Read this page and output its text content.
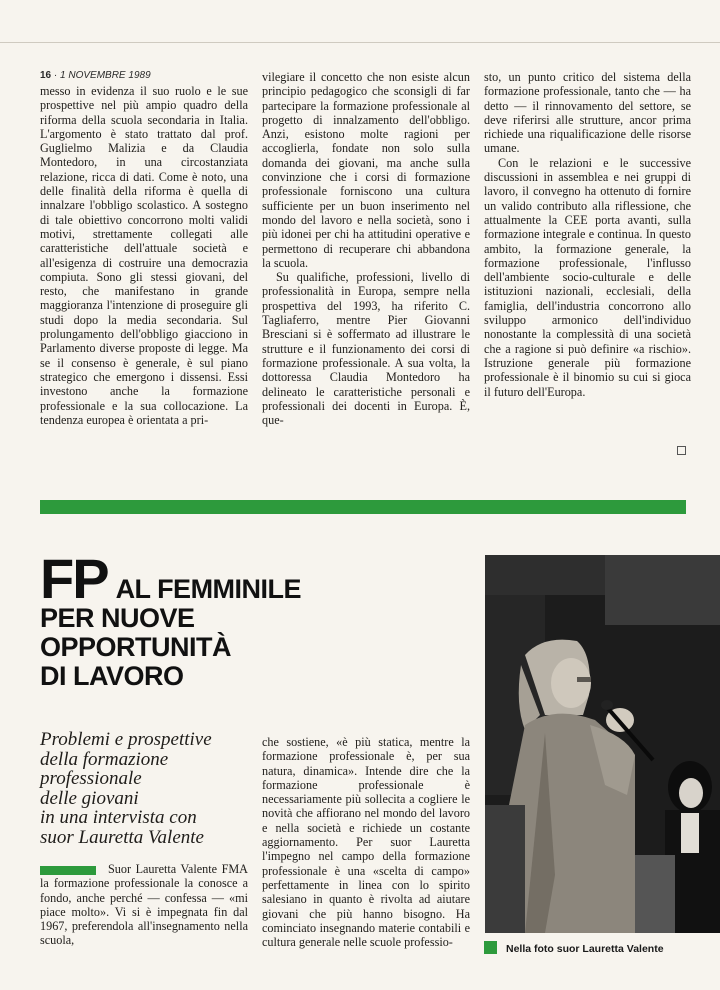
16 · 1 NOVEMBRE 1989

messo in evidenza il suo ruolo e le sue prospettive nel più ampio quadro della riforma della scuola secondaria in Italia. L'argomento è stato trattato dal prof. Guglielmo Malizia e da Claudia Montedoro, in una circostanziata relazione, ricca di dati. Come è noto, una delle finalità della riforma è quella di innalzare l'obbligo scolastico. A sostegno di tale obiettivo concorrono molti validi motivi, strettamente collegati alle caratteristiche dell'attuale società e all'esigenza di costruire una democrazia compiuta. Sono gli stessi giovani, del resto, che manifestano in grande maggioranza l'intenzione di proseguire gli studi dopo la media secondaria. Sul prolungamento dell'obbligo giacciono in Parlamento diverse proposte di legge. Ma se il consenso è generale, è sul piano strategico che emergono i dissensi. Essi investono anche la formazione professionale e la sua collocazione. La tendenza europea è orientata a pri-

vilegiare il concetto che non esiste alcun principio pedagogico che sconsigli di far partecipare la formazione professionale al progetto di innalzamento dell'obbligo. Anzi, esistono molte ragioni per accoglierla, fondate non solo sulla domanda dei giovani, ma anche sulla convinzione che i corsi di formazione professionale forniscono una cultura sufficiente per un buon inserimento nel mondo del lavoro e nella società, sono i più idonei per chi ha attitudini operative e permettono di recuperare chi abbandona la scuola.

Su qualifiche, professioni, livello di professionalità in Europa, sempre nella prospettiva del 1993, ha riferito C. Tagliaferro, mentre Pier Giovanni Bresciani si è soffermato ad illustrare le strutture e il funzionamento dei corsi di formazione professionale. A sua volta, la dottoressa Claudia Montedoro ha delineato le caratteristiche personali e professionali dei docenti in Europa. È, que-

sto, un punto critico del sistema della formazione professionale, tanto che — ha detto — il rinnovamento del settore, se deve riferirsi alle strutture, ancor prima richiede una riqualificazione delle risorse umane.

Con le relazioni e le successive discussioni in assemblea e nei gruppi di lavoro, il convegno ha ottenuto di fornire un valido contributo alla riflessione, che attualmente la CEE porta avanti, sulla formazione integrale e continua. In questo ambito, la formazione generale, la formazione professionale, l'influsso dell'ambiente socio-culturale e delle istituzioni nazionali, ecclesiali, della famiglia, dell'industria concorrono allo sviluppo armonico dell'individuo nonostante la complessità di una società che a ragione si può definire «a rischio». Istruzione generale più formazione professionale è il binomio su cui si gioca il futuro dell'Europa.

FP AL FEMMINILE
PER NUOVE
OPPORTUNITÀ
DI LAVORO
Problemi e prospettive
della formazione
professionale
delle giovani
in una intervista con
suor Lauretta Valente
Suor Lauretta Valente FMA la formazione professionale la conosce a fondo, anche perché — confessa — «mi piace molto». Vi si è impegnata fin dal 1967, preferendola all'insegnamento nella scuola,

che sostiene, «è più statica, mentre la formazione professionale è, per sua natura, dinamica». Intende dire che la formazione professionale è necessariamente più sollecita a cogliere le novità che affiorano nel mondo del lavoro e nella società e richiede un costante aggiornamento. Per suor Lauretta l'impegno nel campo della formazione professionale è una «scelta di campo» perfettamente in linea con lo spirito salesiano in quanto è rivolta ad aiutare giovani che più hanno bisogno. Ha cominciato insegnando materie contabili e cultura generale nelle scuole professio-	Nella foto suor Lauretta Valente
